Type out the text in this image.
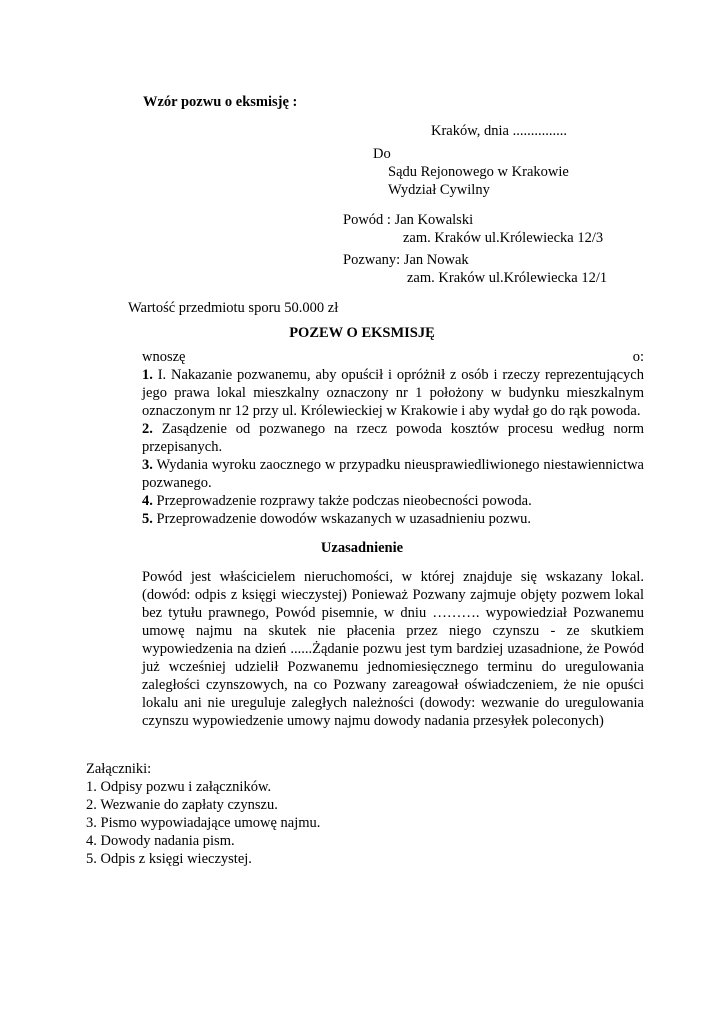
Wzór pozwu o eksmisję :
Kraków, dnia ...............
Do
Sądu Rejonowego w Krakowie
Wydział Cywilny
Powód : Jan Kowalski
zam. Kraków ul.Królewiecka 12/3
Pozwany: Jan Nowak
zam. Kraków ul.Królewiecka 12/1
Wartość przedmiotu sporu 50.000 zł
POZEW O EKSMISJĘ
wnoszę	o:
1. I. Nakazanie pozwanemu, aby opuścił i opróżnił z osób i rzeczy reprezentujących jego prawa lokal mieszkalny oznaczony nr 1 położony w budynku mieszkalnym oznaczonym nr 12 przy ul. Królewieckiej w Krakowie i aby wydał go do rąk powoda.
2. Zasądzenie od pozwanego na rzecz powoda kosztów procesu według norm przepisanych.
3. Wydania wyroku zaocznego w przypadku nieusprawiedliwionego niestawiennictwa pozwanego.
4. Przeprowadzenie rozprawy także podczas nieobecności powoda.
5. Przeprowadzenie dowodów wskazanych w uzasadnieniu pozwu.
Uzasadnienie
Powód jest właścicielem nieruchomości, w której znajduje się wskazany lokal. (dowód: odpis z księgi wieczystej) Ponieważ Pozwany zajmuje objęty pozwem lokal bez tytułu prawnego, Powód pisemnie, w dniu ………. wypowiedział Pozwanemu umowę najmu na skutek nie płacenia przez niego czynszu - ze skutkiem wypowiedzenia na dzień ......Żądanie pozwu jest tym bardziej uzasadnione, że Powód już wcześniej udzielił Pozwanemu jednomiesięcznego terminu do uregulowania zaległości czynszowych, na co Pozwany zareagował oświadczeniem, że nie opuści lokalu ani nie ureguluje zaległych należności (dowody: wezwanie do uregulowania czynszu wypowiedzenie umowy najmu dowody nadania przesyłek poleconych)
Załączniki:
1. Odpisy pozwu i załączników.
2. Wezwanie do zapłaty czynszu.
3. Pismo wypowiadające umowę najmu.
4. Dowody nadania pism.
5. Odpis z księgi wieczystej.
